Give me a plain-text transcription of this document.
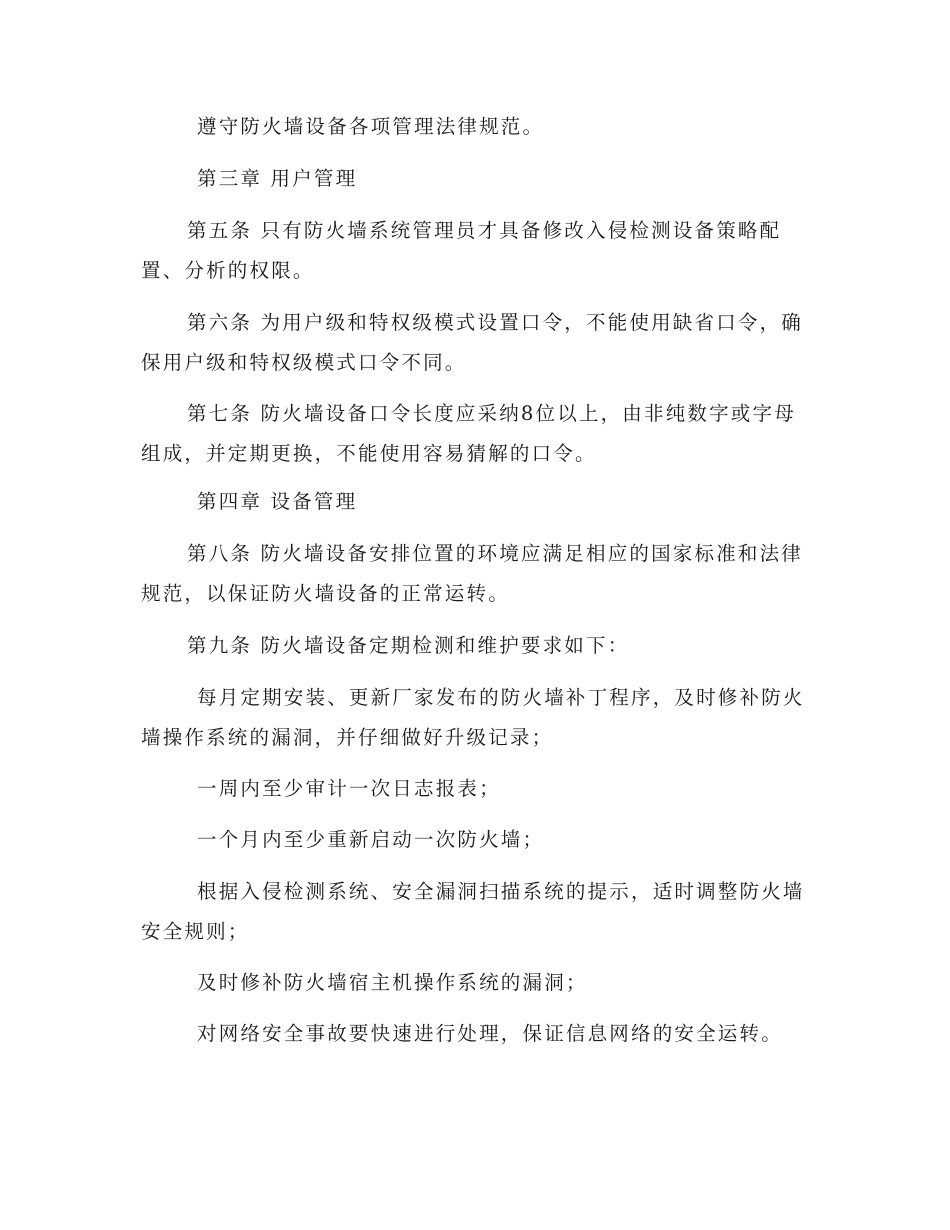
遵守防火墙设备各项管理法律规范。
第三章 用户管理
第五条 只有防火墙系统管理员才具备修改入侵检测设备策略配
置、分析的权限。
第六条 为用户级和特权级模式设置口令，不能使用缺省口令，确
保用户级和特权级模式口令不同。
第七条 防火墙设备口令长度应采纳8位以上，由非纯数字或字母
组成，并定期更换，不能使用容易猜解的口令。
第四章 设备管理
第八条 防火墙设备安排位置的环境应满足相应的国家标准和法律
规范，以保证防火墙设备的正常运转。
第九条 防火墙设备定期检测和维护要求如下：
每月定期安装、更新厂家发布的防火墙补丁程序，及时修补防火
墙操作系统的漏洞，并仔细做好升级记录；
一周内至少审计一次日志报表；
一个月内至少重新启动一次防火墙；
根据入侵检测系统、安全漏洞扫描系统的提示，适时调整防火墙
安全规则；
及时修补防火墙宿主机操作系统的漏洞；
对网络安全事故要快速进行处理，保证信息网络的安全运转。
